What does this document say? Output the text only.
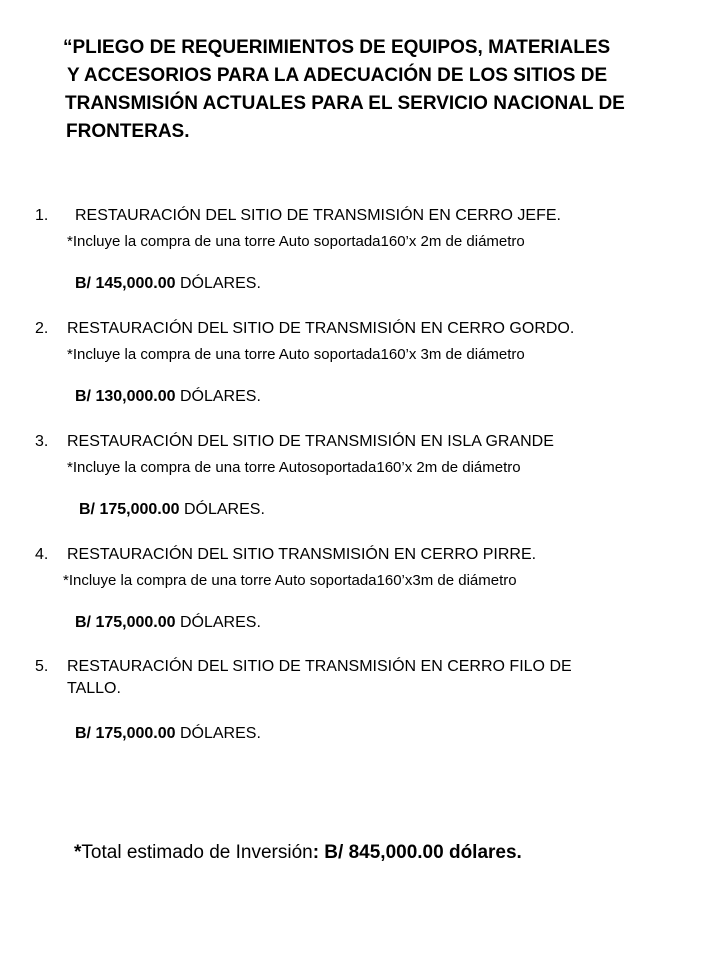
“PLIEGO DE REQUERIMIENTOS DE EQUIPOS, MATERIALES
Y ACCESORIOS PARA LA ADECUACIÓN DE LOS SITIOS DE
TRANSMISIÓN ACTUALES PARA EL SERVICIO NACIONAL DE
FRONTERAS.
1. RESTAURACIÓN DEL SITIO DE TRANSMISIÓN EN CERRO JEFE.
*Incluye la compra de una torre Auto soportada160’x 2m de diámetro
B/ 145,000.00 DÓLARES.
2. RESTAURACIÓN DEL SITIO DE TRANSMISIÓN EN CERRO GORDO.
*Incluye la compra de una torre Auto soportada160’x 3m de diámetro
B/ 130,000.00 DÓLARES.
3. RESTAURACIÓN DEL SITIO DE TRANSMISIÓN EN ISLA GRANDE
*Incluye la compra de una torre Autosoportada160’x 2m de diámetro
B/ 175,000.00 DÓLARES.
4. RESTAURACIÓN DEL SITIO TRANSMISIÓN EN CERRO PIRRE.
*Incluye la compra de una torre Auto soportada160’x3m de diámetro
B/ 175,000.00 DÓLARES.
5. RESTAURACIÓN DEL SITIO DE TRANSMISIÓN EN CERRO FILO DE
TALLO.
B/ 175,000.00 DÓLARES.
*Total estimado de Inversión: B/ 845,000.00 dólares.
